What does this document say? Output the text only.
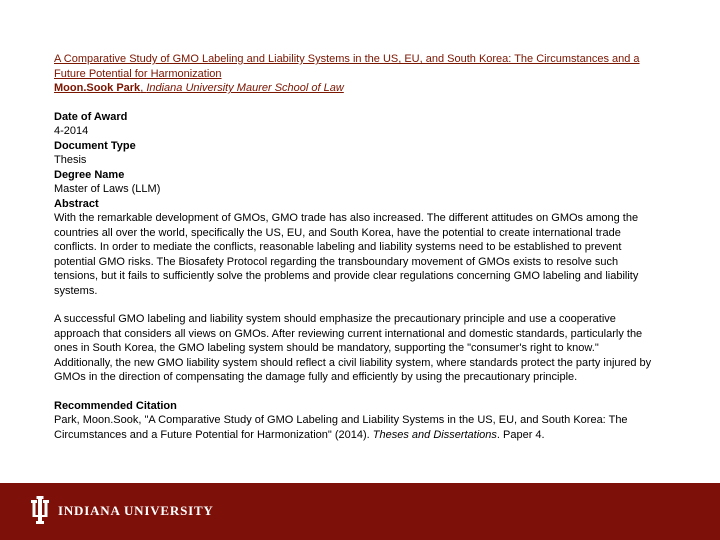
A Comparative Study of GMO Labeling and Liability Systems in the US, EU, and South Korea: The Circumstances and a Future Potential for Harmonization
Moon.Sook Park, Indiana University Maurer School of Law
Date of Award
4-2014
Document Type
Thesis
Degree Name
Master of Laws (LLM)
Abstract
With the remarkable development of GMOs, GMO trade has also increased. The different attitudes on GMOs among the countries all over the world, specifically the US, EU, and South Korea, have the potential to create international trade conflicts. In order to mediate the conflicts, reasonable labeling and liability systems need to be established to prevent potential GMO risks. The Biosafety Protocol regarding the transboundary movement of GMOs exists to resolve such tensions, but it fails to sufficiently solve the problems and provide clear regulations concerning GMO labeling and liability systems.
A successful GMO labeling and liability system should emphasize the precautionary principle and use a cooperative approach that considers all views on GMOs. After reviewing current international and domestic standards, particularly the ones in South Korea, the GMO labeling system should be mandatory, supporting the "consumer's right to know." Additionally, the new GMO liability system should reflect a civil liability system, where standards protect the party injured by GMOs in the direction of compensating the damage fully and efficiently by using the precautionary principle.
Recommended Citation
Park, Moon.Sook, "A Comparative Study of GMO Labeling and Liability Systems in the US, EU, and South Korea: The Circumstances and a Future Potential for Harmonization" (2014). Theses and Dissertations. Paper 4.
INDIANA UNIVERSITY
